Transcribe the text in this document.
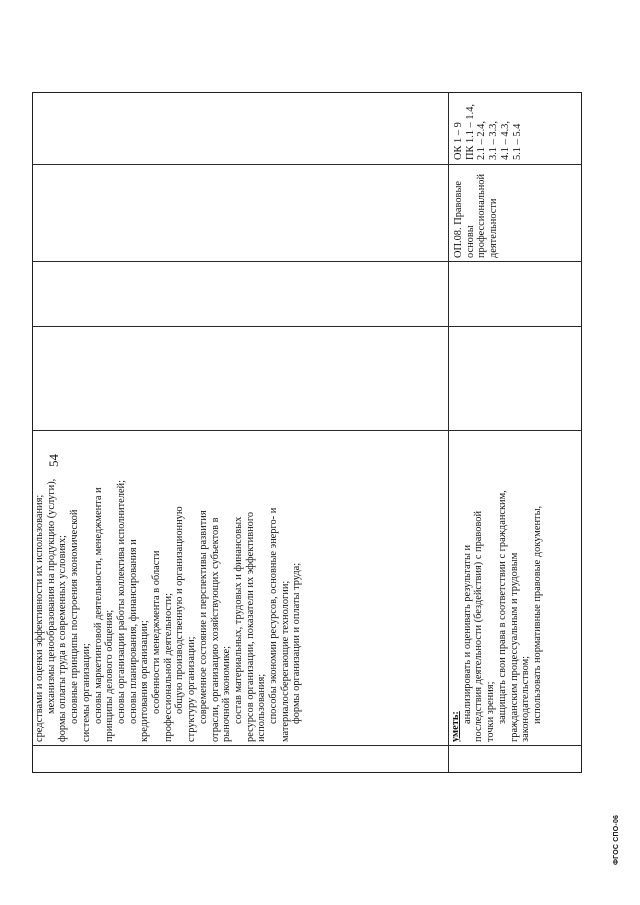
54
ФГОС СПО-06
средствами и оценки эффективности их использования; механизмы ценообразования на продукцию (услуги), формы оплаты труда в современных условиях; основные принципы построения экономической системы организации; основы маркетинговой деятельности, менеджмента и принципы делового общения; основы организации работы коллектива исполнителей; основы планирования, финансирования и кредитования организации; особенности менеджмента в области профессиональной деятельности; общую производственную и организационную структуру организации; современное состояние и перспективы развития отрасли, организацию хозяйствующих субъектов в рыночной экономике; состав материальных, трудовых и финансовых ресурсов организации, показатели их эффективного использования; способы экономии ресурсов, основные энерго- и материалосберегающие технологии; формы организации и оплаты труда;
уметь:
анализировать и оценивать результаты и последствия деятельности (бездействия) с правовой точки зрения; защищать свои права в соответствии с гражданским, гражданским процессуальным и трудовым законодательством; использовать нормативные правовые документы,
ОП.08. Правовые основы профессиональной деятельности
ОК 1 – 9
ПК 1.1 – 1.4,
2.1 – 2.4,
3.1 – 3.3,
4.1 – 4.3,
5.1 – 5.4
